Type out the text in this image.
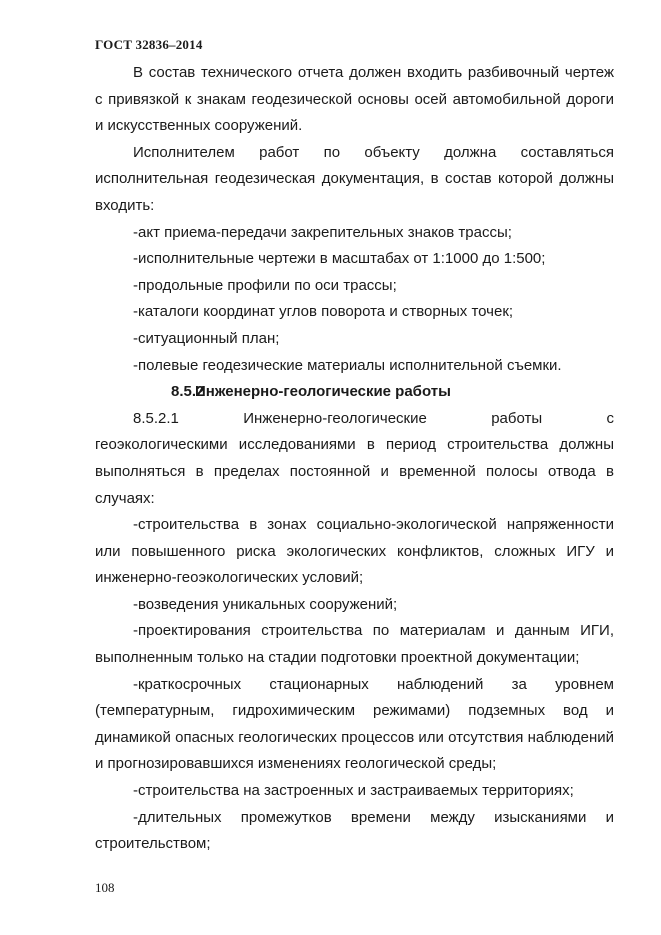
ГОСТ 32836–2014

В состав технического отчета должен входить разбивочный чертеж с привязкой к знакам геодезической основы осей автомобильной дороги и искусственных сооружений.

Исполнителем работ по объекту должна составляться исполнительная геодезическая документация, в состав которой должны входить:

-акт приема-передачи закрепительных знаков трассы;

-исполнительные чертежи в масштабах от 1:1000 до 1:500;

-продольные профили по оси трассы;

-каталоги координат углов поворота и створных точек;

-ситуационный план;

-полевые геодезические материалы исполнительной съемки.

8.5.2Инженерно-геологические работы

8.5.2.1	Инженерно-геологические	работы	с

геоэкологическими исследованиями в период строительства должны выполняться в пределах постоянной и временной полосы отвода в случаях:

-строительства в зонах социально-экологической напряженности или повышенного риска экологических конфликтов, сложных ИГУ и инженерно-геоэкологических условий;

-возведения уникальных сооружений;

-проектирования строительства по материалам и данным ИГИ, выполненным только на стадии подготовки проектной документации;

-краткосрочных стационарных наблюдений за уровнем (температурным, гидрохимическим режимами) подземных вод и динамикой опасных геологических процессов или отсутствия наблюдений и прогнозировавшихся изменениях геологической среды;

-строительства на застроенных и застраиваемых территориях;

-длительных промежутков времени между изысканиями и строительством;

108
